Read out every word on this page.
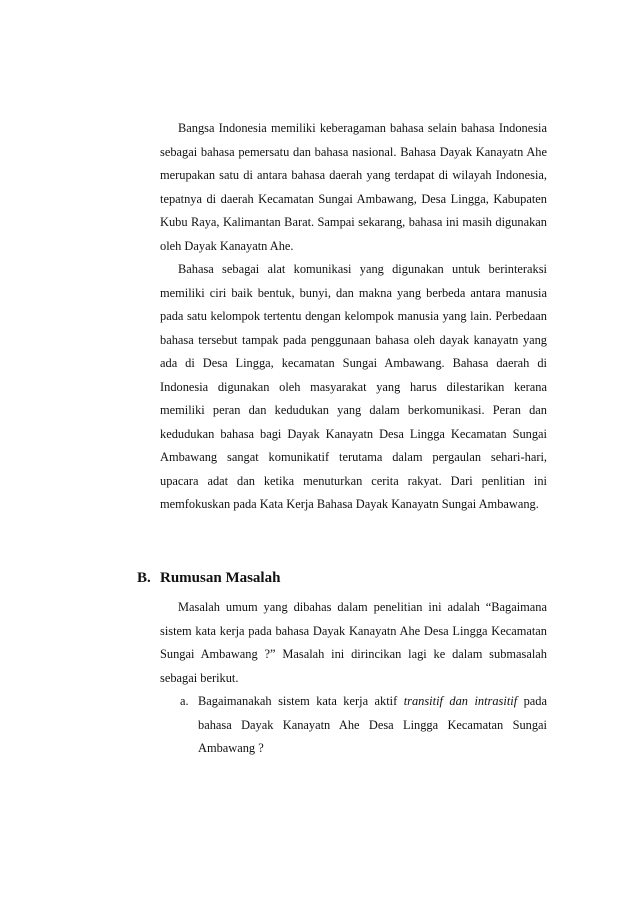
Bangsa Indonesia memiliki keberagaman bahasa selain bahasa Indonesia sebagai bahasa pemersatu dan bahasa nasional. Bahasa Dayak Kanayatn Ahe merupakan satu di antara bahasa daerah yang terdapat di wilayah Indonesia, tepatnya di daerah Kecamatan Sungai Ambawang, Desa Lingga, Kabupaten Kubu Raya, Kalimantan Barat. Sampai sekarang, bahasa ini masih digunakan oleh Dayak Kanayatn Ahe.

Bahasa sebagai alat komunikasi yang digunakan untuk berinteraksi memiliki ciri baik bentuk, bunyi, dan makna yang berbeda antara manusia pada satu kelompok tertentu dengan kelompok manusia yang lain. Perbedaan bahasa tersebut tampak pada penggunaan bahasa oleh dayak kanayatn yang ada di Desa Lingga, kecamatan Sungai Ambawang. Bahasa daerah di Indonesia digunakan oleh masyarakat yang harus dilestarikan kerana memiliki peran dan kedudukan yang dalam berkomunikasi. Peran dan kedudukan bahasa bagi Dayak Kanayatn Desa Lingga Kecamatan Sungai Ambawang sangat komunikatif terutama dalam pergaulan sehari-hari, upacara adat dan ketika menuturkan cerita rakyat. Dari penlitian ini memfokuskan pada Kata Kerja Bahasa Dayak Kanayatn Sungai Ambawang.

B. Rumusan Masalah

Masalah umum yang dibahas dalam penelitian ini adalah “Bagaimana sistem kata kerja pada bahasa Dayak Kanayatn Ahe Desa Lingga Kecamatan Sungai Ambawang ?” Masalah ini dirincikan lagi ke dalam submasalah sebagai berikut.

a. Bagaimanakah sistem kata kerja aktif transitif dan intrasitif pada bahasa Dayak Kanayatn Ahe Desa Lingga Kecamatan Sungai Ambawang ?
